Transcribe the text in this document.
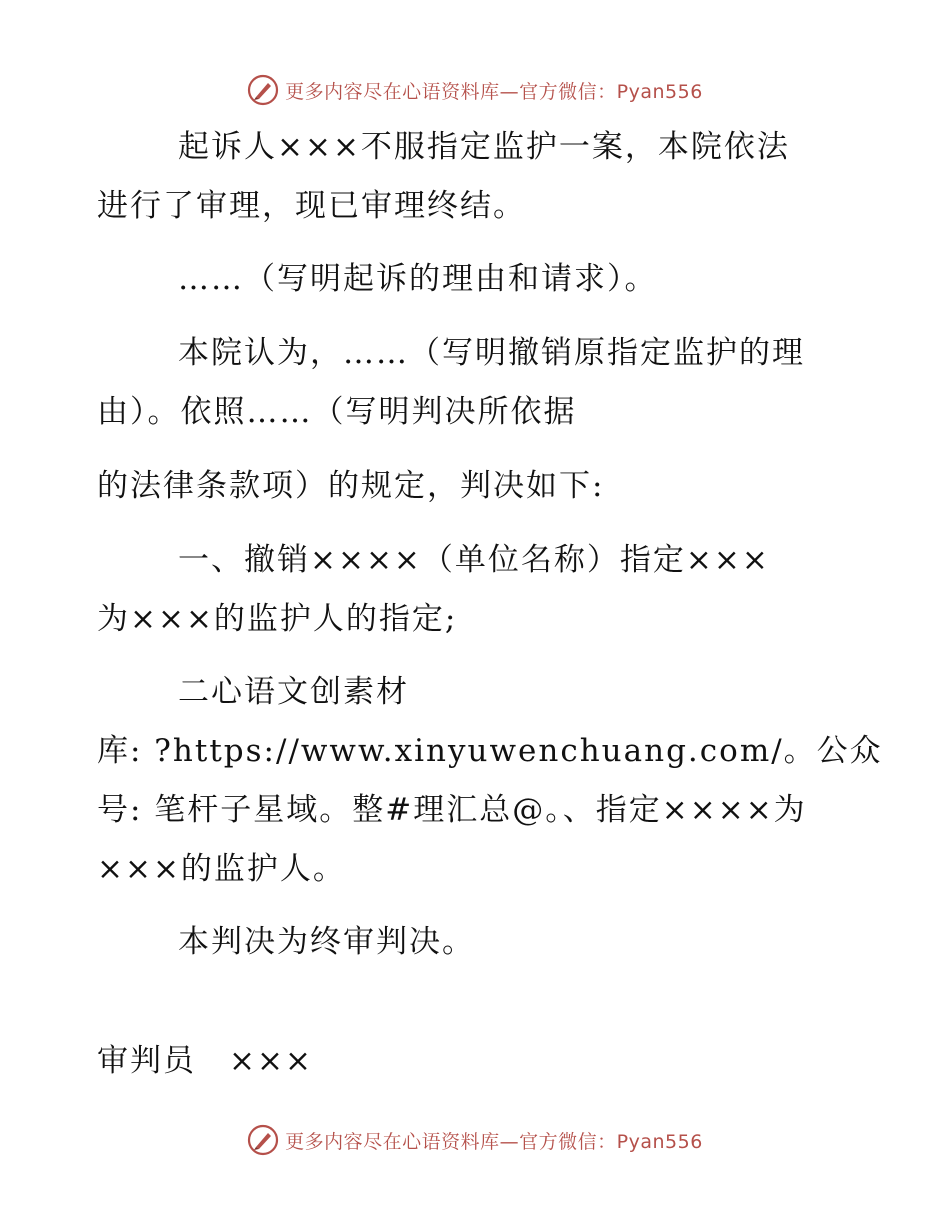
更多内容尽在心语资料库—官方微信：Pyan556
起诉人×××不服指定监护一案，本院依法
进行了审理，现已审理终结。
……（写明起诉的理由和请求）。
本院认为，……（写明撤销原指定监护的理
由）。依照……（写明判决所依据
的法律条款项）的规定，判决如下:
一、撤销××××（单位名称）指定×××
为×××的监护人的指定;
二心语文创素材
库: ?https://www.xinyuwenchuang.com/。公众
号: 笔杆子星域。整#理汇总@。、指定××××为
×××的监护人。
本判决为终审判决。
审判员　×××
更多内容尽在心语资料库—官方微信：Pyan556
